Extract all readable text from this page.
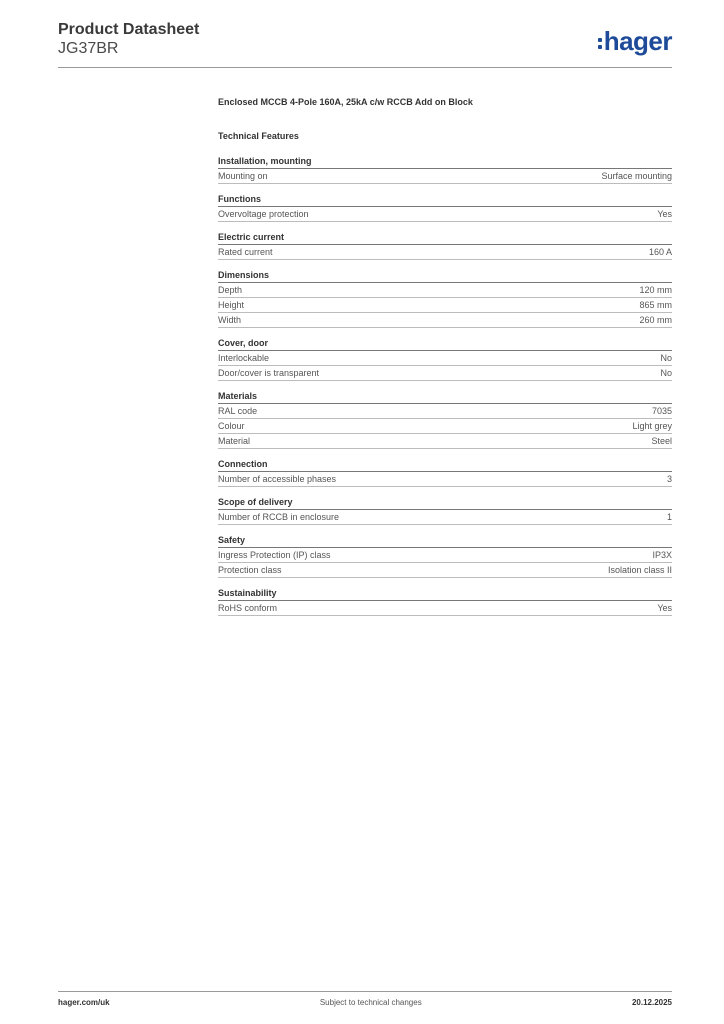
Product Datasheet
JG37BR	hager
Enclosed MCCB 4-Pole 160A, 25kA c/w RCCB Add on Block
Technical Features
Installation, mounting
Mounting on	Surface mounting
Functions
Overvoltage protection	Yes
Electric current
Rated current	160 A
Dimensions
Depth	120 mm
Height	865 mm
Width	260 mm
Cover, door
Interlockable	No
Door/cover is transparent	No
Materials
RAL code	7035
Colour	Light grey
Material	Steel
Connection
Number of accessible phases	3
Scope of delivery
Number of RCCB in enclosure	1
Safety
Ingress Protection (IP) class	IP3X
Protection class	Isolation class II
Sustainability
RoHS conform	Yes
hager.com/uk	Subject to technical changes	20.12.2025
